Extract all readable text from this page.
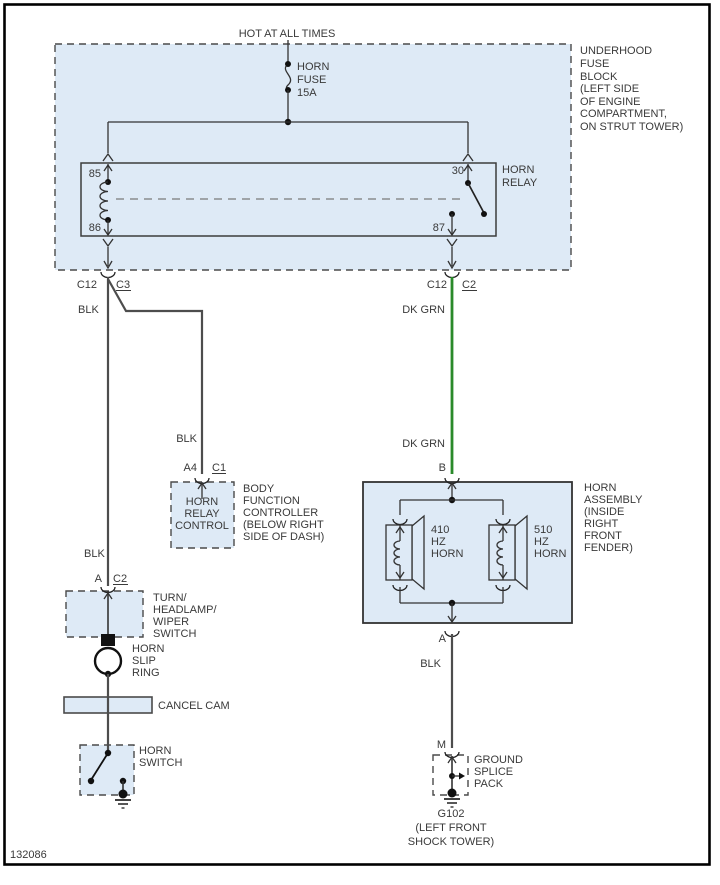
CANCEL CAM
HOT AT ALL TIMES
HORN
FUSE
15A
UNDERHOOD
FUSE
BLOCK
(LEFT SIDE
OF ENGINE
COMPARTMENT,
ON STRUT TOWER)
HORN
RELAY
85
86
30
87
C12 C3	C12 C2
BLK	DK GRN
BLK	DK GRN
BLK
BLK
A4 C1
HORN
RELAY
CONTROL
BODY
FUNCTION
CONTROLLER
(BELOW RIGHT
SIDE OF DASH)
A C2
TURN/
HEADLAMP/
WIPER
SWITCH
HORN
SLIP
RING
HORN
SWITCH
B
A
HORN
ASSEMBLY
(INSIDE
RIGHT
FRONT
FENDER)
410
HZ
HORN
510
HZ
HORN
M
GROUND
SPLICE
PACK
G102
(LEFT FRONT
SHOCK TOWER)
132086
